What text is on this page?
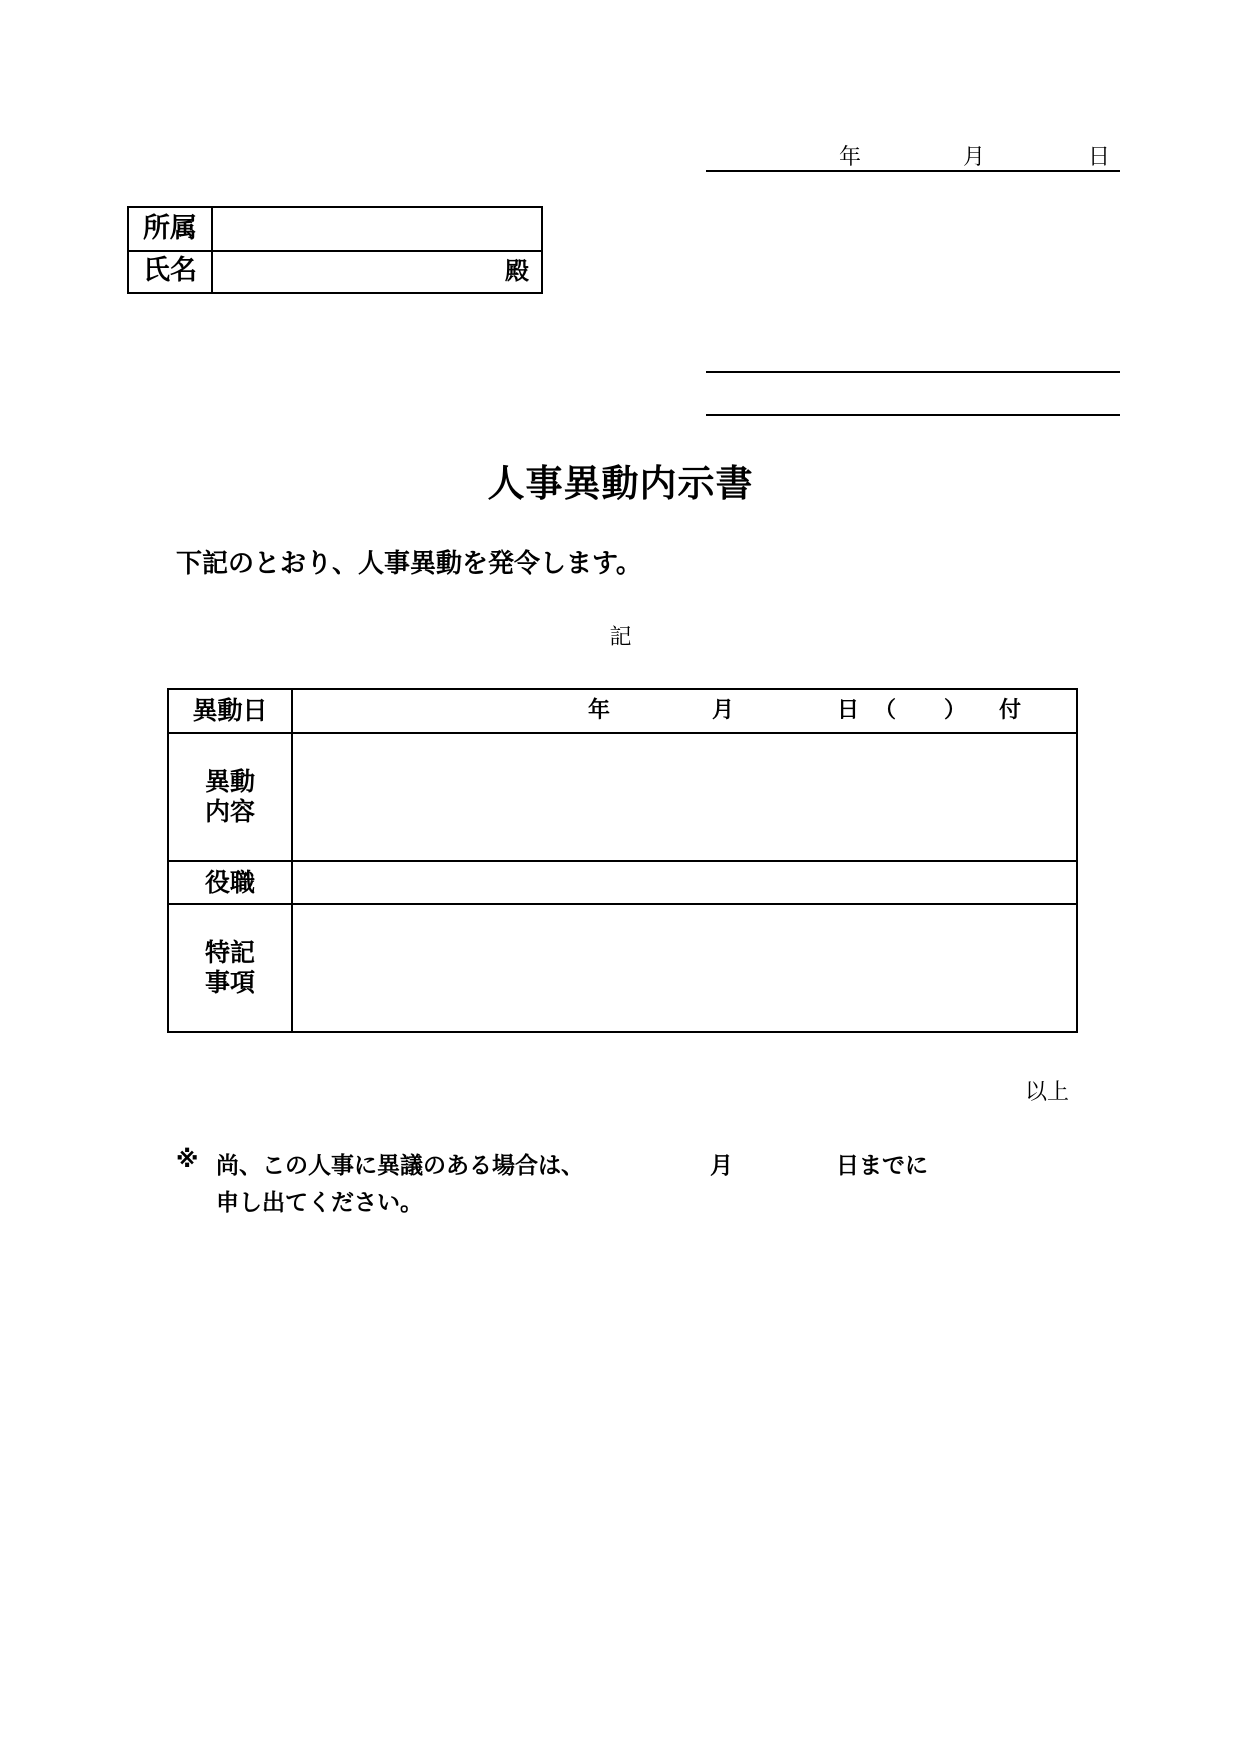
年	月	日
所属
氏名	殿
人事異動内示書
下記のとおり、人事異動を発令します。
記
異動日	年	月	日 （ ） 付
異動
内容
役職
特記
事項
以上
※ 尚、この人事に異議のある場合は、	月	日までに
申し出てください。
